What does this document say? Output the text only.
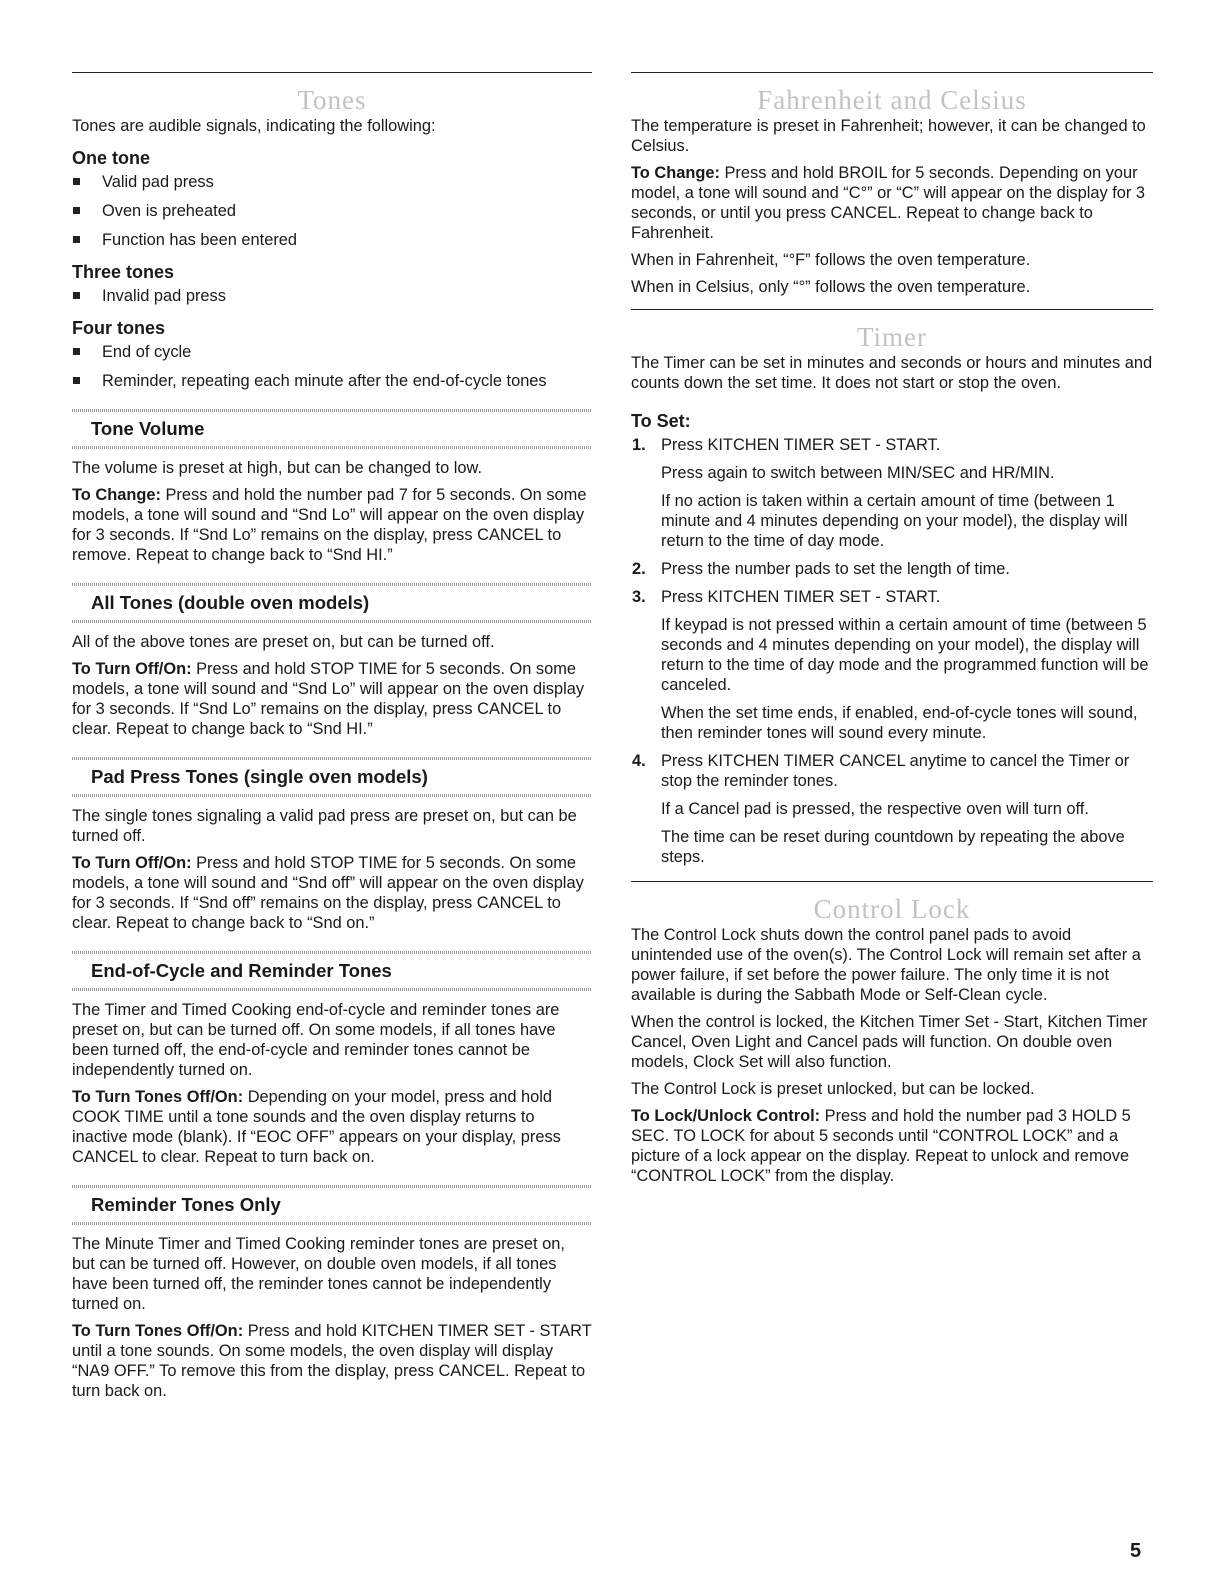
Tones

Tones are audible signals, indicating the following:

One tone
Valid pad press
Oven is preheated
Function has been entered
Three tones
Invalid pad press
Four tones
End of cycle
Reminder, repeating each minute after the end-of-cycle tones
Tone Volume

The volume is preset at high, but can be changed to low.

To Change: Press and hold the number pad 7 for 5 seconds. On some models, a tone will sound and “Snd Lo” will appear on the oven display for 3 seconds. If “Snd Lo” remains on the display, press CANCEL to remove. Repeat to change back to “Snd HI.”

All Tones (double oven models)

All of the above tones are preset on, but can be turned off.

To Turn Off/On: Press and hold STOP TIME for 5 seconds. On some models, a tone will sound and “Snd Lo” will appear on the oven display for 3 seconds. If “Snd Lo” remains on the display, press CANCEL to clear. Repeat to change back to “Snd HI.”

Pad Press Tones (single oven models)

The single tones signaling a valid pad press are preset on, but can be turned off.

To Turn Off/On: Press and hold STOP TIME for 5 seconds. On some models, a tone will sound and “Snd off” will appear on the oven display for 3 seconds. If “Snd off” remains on the display, press CANCEL to clear. Repeat to change back to “Snd on.”

End-of-Cycle and Reminder Tones

The Timer and Timed Cooking end-of-cycle and reminder tones are preset on, but can be turned off. On some models, if all tones have been turned off, the end-of-cycle and reminder tones cannot be independently turned on.

To Turn Tones Off/On: Depending on your model, press and hold COOK TIME until a tone sounds and the oven display returns to inactive mode (blank). If “EOC OFF” appears on your display, press CANCEL to clear. Repeat to turn back on.

Reminder Tones Only

The Minute Timer and Timed Cooking reminder tones are preset on, but can be turned off. However, on double oven models, if all tones have been turned off, the reminder tones cannot be independently turned on.

To Turn Tones Off/On: Press and hold KITCHEN TIMER SET - START until a tone sounds. On some models, the oven display will display “NA9 OFF.” To remove this from the display, press CANCEL. Repeat to turn back on.

Fahrenheit and Celsius

The temperature is preset in Fahrenheit; however, it can be changed to Celsius.

To Change: Press and hold BROIL for 5 seconds. Depending on your model, a tone will sound and “C°” or “C” will appear on the display for 3 seconds, or until you press CANCEL. Repeat to change back to Fahrenheit.

When in Fahrenheit, “°F” follows the oven temperature.

When in Celsius, only “°” follows the oven temperature.

Timer

The Timer can be set in minutes and seconds or hours and minutes and counts down the set time. It does not start or stop the oven.

To Set:
1. Press KITCHEN TIMER SET - START.

Press again to switch between MIN/SEC and HR/MIN.

If no action is taken within a certain amount of time (between 1 minute and 4 minutes depending on your model), the display will return to the time of day mode.

2. Press the number pads to set the length of time.

3. Press KITCHEN TIMER SET - START.

If keypad is not pressed within a certain amount of time (between 5 seconds and 4 minutes depending on your model), the display will return to the time of day mode and the programmed function will be canceled.

When the set time ends, if enabled, end-of-cycle tones will sound, then reminder tones will sound every minute.

4. Press KITCHEN TIMER CANCEL anytime to cancel the Timer or stop the reminder tones.

If a Cancel pad is pressed, the respective oven will turn off.

The time can be reset during countdown by repeating the above steps.

Control Lock

The Control Lock shuts down the control panel pads to avoid unintended use of the oven(s). The Control Lock will remain set after a power failure, if set before the power failure. The only time it is not available is during the Sabbath Mode or Self-Clean cycle.

When the control is locked, the Kitchen Timer Set - Start, Kitchen Timer Cancel, Oven Light and Cancel pads will function. On double oven models, Clock Set will also function.

The Control Lock is preset unlocked, but can be locked.

To Lock/Unlock Control: Press and hold the number pad 3 HOLD 5 SEC. TO LOCK for about 5 seconds until “CONTROL LOCK” and a picture of a lock appear on the display. Repeat to unlock and remove “CONTROL LOCK” from the display.

5
